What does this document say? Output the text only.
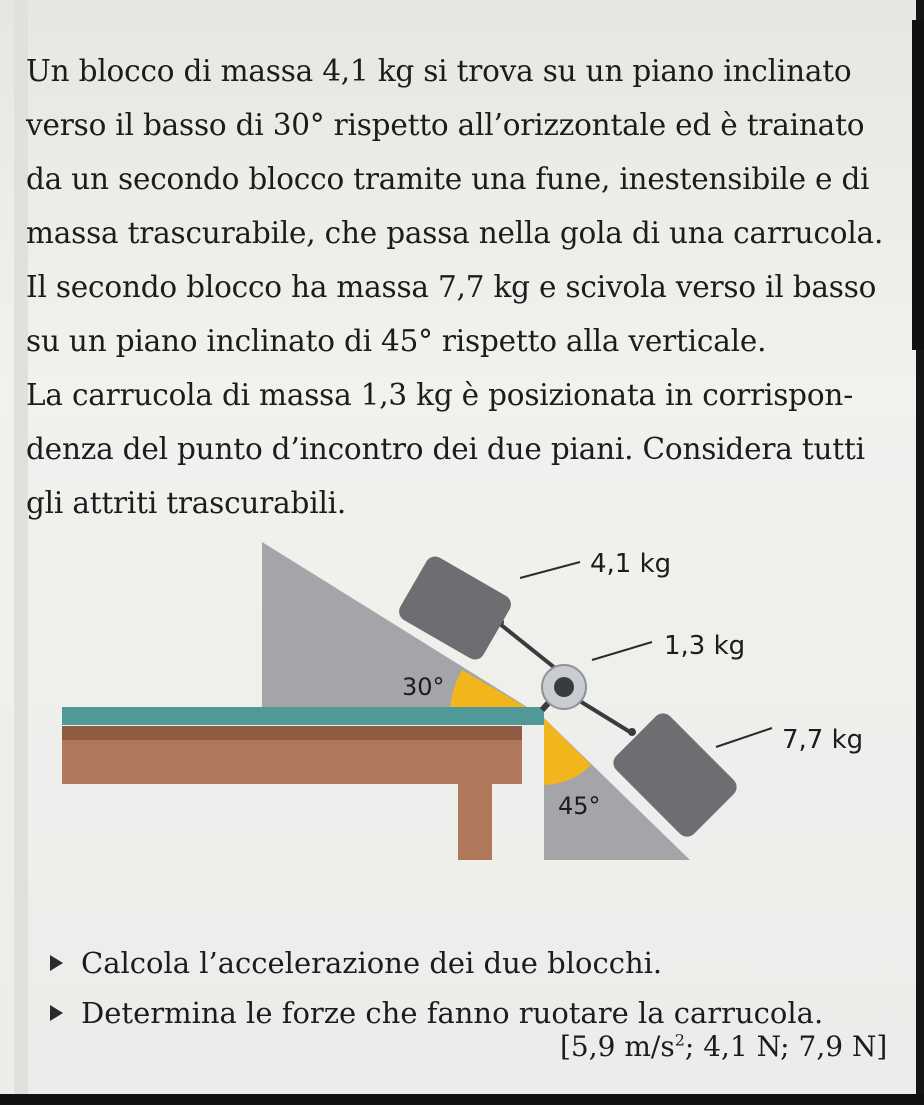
Un blocco di massa 4,1 kg si trova su un piano inclinato
verso il basso di 30° rispetto all’orizzontale ed è trainato
da un secondo blocco tramite una fune, inestensibile e di
massa trascurabile, che passa nella gola di una carrucola.
Il secondo blocco ha massa 7,7 kg e scivola verso il basso
su un piano inclinato di 45° rispetto alla verticale.

La carrucola di massa 1,3 kg è posizionata in corrispon-
denza del punto d’incontro dei due piani. Considera tutti
gli attriti trascurabili.

4,1 kg
1,3 kg
7,7 kg
30°
45°
Calcola l’accelerazione dei due blocchi.
Determina le forze che fanno ruotare la carrucola.
[5,9 $m/s^2$; 4,1 N; 7,9 N]
